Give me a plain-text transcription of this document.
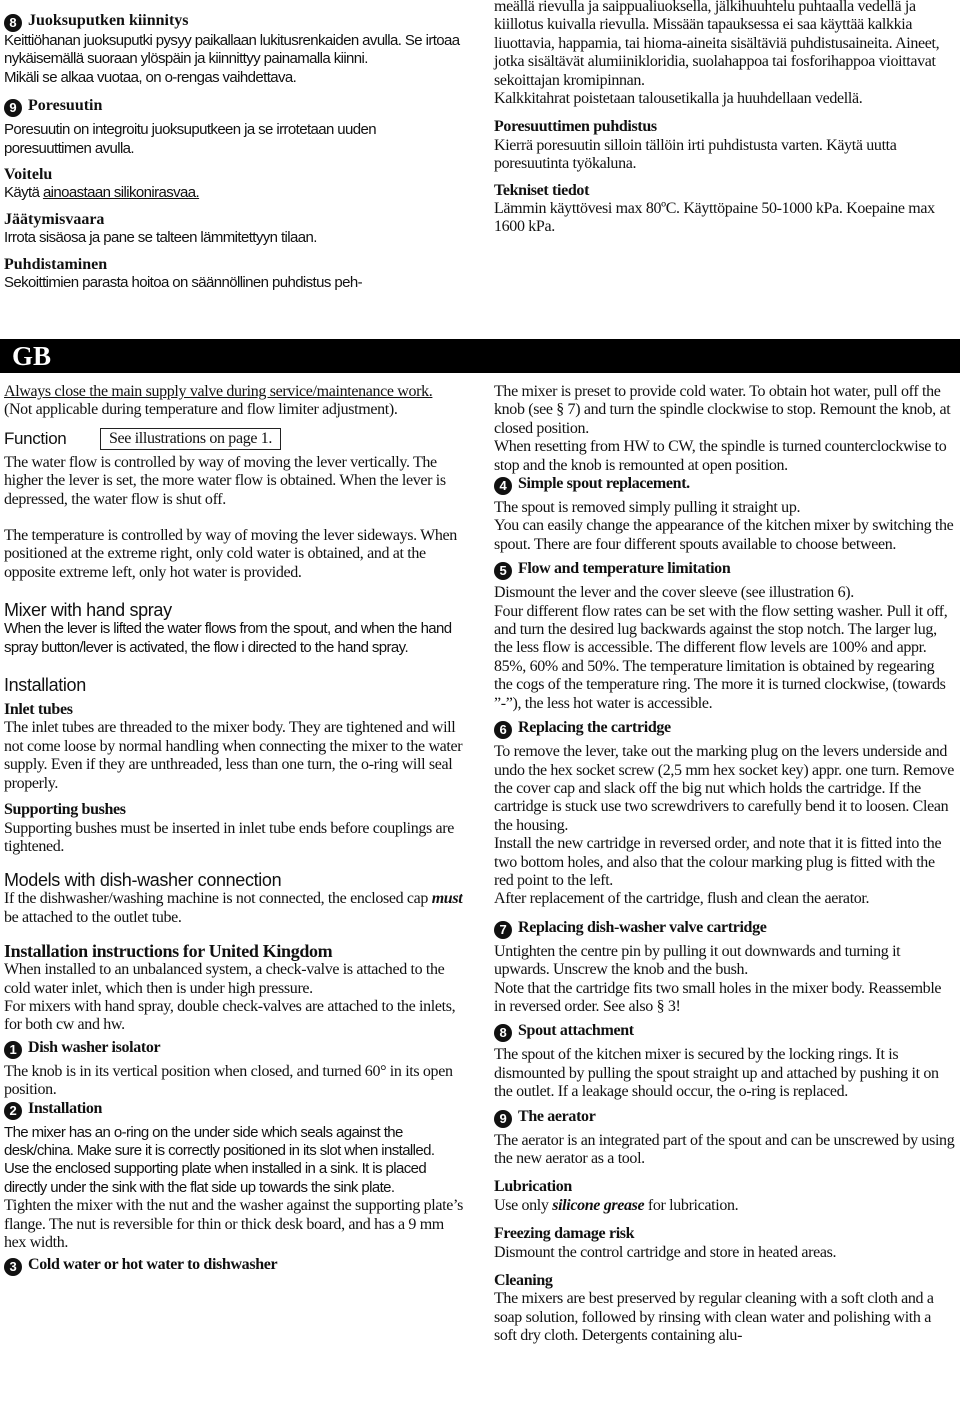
8 Juoksuputken kiinnitys

Keittiöhanan juoksuputki pysyy paikallaan lukitusrenkaiden avulla. Se irtoaa nykäisemällä suoraan ylöspäin ja kiinnittyy painamalla kiinni.

Mikäli se alkaa vuotaa, on o-rengas vaihdettava.

9 Poresuutin

Poresuutin on integroitu juoksuputkeen ja se irrotetaan uuden poresuuttimen avulla.

Voitelu

Käytä ainoastaan silikonirasvaa.

Jäätymisvaara

Irrota sisäosa ja pane se talteen lämmitettyyn tilaan.

Puhdistaminen

Sekoittimien parasta hoitoa on säännöllinen puhdistus peh-

meällä rievulla ja saippualiuoksella, jälkihuuhtelu puhtaalla vedellä ja kiillotus kuivalla rievulla. Missään tapauksessa ei saa käyttää kalkkia liuottavia, happamia, tai hioma-aineita sisältäviä puhdistusaineita. Aineet, jotka sisältävät alumiinikloridia, suolahappoa tai fosforihappoa vioittavat sekoittajan kromipinnan.

Kalkkitahrat poistetaan talousetikalla ja huuhdellaan vedellä.

Poresuuttimen puhdistus

Kierrä poresuutin silloin tällöin irti puhdistusta varten. Käytä uutta poresuutinta työkaluna.

Tekniset tiedot

Lämmin käyttövesi max 80ºC. Käyttöpaine 50-1000 kPa. Koepaine max 1600 kPa.

GB

Always close the main supply valve during service/maintenance work.

(Not applicable during temperature and flow limiter adjustment).

Function	See illustrations on page 1.

The water flow is controlled by way of moving the lever vertically. The higher the lever is set, the more water flow is obtained. When the lever is depressed, the water flow is shut off.

The temperature is controlled by way of moving the lever sideways. When positioned at the extreme right, only cold water is obtained, and at the opposite extreme left, only hot water is provided.

Mixer with hand spray

When the lever is lifted the water flows from the spout, and when the hand spray button/lever is activated, the flow i directed to the hand spray.

Installation

Inlet tubes

The inlet tubes are threaded to the mixer body. They are tightened and will not come loose by normal handling when connecting the mixer to the water supply. Even if they are unthreaded, less than one turn, the o-ring will seal properly.

Supporting bushes

Supporting bushes must be inserted in inlet tube ends before couplings are tightened.

Models with dish-washer connection

If the dishwasher/washing machine is not connected, the enclosed cap must be attached to the outlet tube.

Installation instructions for United Kingdom

When installed to an unbalanced system, a check-valve is attached to the cold water inlet, which then is under high pressure.

For mixers with hand spray, double check-valves are attached to the inlets, for both cw and hw.

1 Dish washer isolator

The knob is in its vertical position when closed, and turned 60° in its open position.

2 Installation

The mixer has an o-ring on the under side which seals against the desk/china. Make sure it is correctly positioned in its slot when installed.

Use the enclosed supporting plate when installed in a sink. It is placed directly under the sink with the flat side up towards the sink plate.

Tighten the mixer with the nut and the washer against the supporting plate’s flange. The nut is reversible for thin or thick desk board, and has a 9 mm hex width.

3 Cold water or hot water to dishwasher

The mixer is preset to provide cold water. To obtain hot water, pull off the knob (see § 7) and turn the spindle clockwise to stop. Remount the knob, at closed position.

When resetting from HW to CW, the spindle is turned counterclockwise to stop and the knob is remounted at open position.

4 Simple spout replacement.

The spout is removed simply pulling it straight up.

You can easily change the appearance of the kitchen mixer by switching the spout. There are four different spouts available to choose between.

5 Flow and temperature limitation

Dismount the lever and the cover sleeve (see illustration 6).

Four different flow rates can be set with the flow setting washer. Pull it off, and turn the desired lug backwards against the stop notch. The larger lug, the less flow is accessible. The different flow levels are 100% and appr. 85%, 60% and 50%. The temperature limitation is obtained by regearing the cogs of the temperature ring. The more it is turned clockwise, (towards ”-”), the less hot water is accessible.

6 Replacing the cartridge

To remove the lever, take out the marking plug on the levers underside and undo the hex socket screw (2,5 mm hex socket key) appr. one turn. Remove the cover cap and slack off the big nut which holds the cartridge. If the cartridge is stuck use two screwdrivers to carefully bend it to loosen. Clean the housing.

Install the new cartridge in reversed order, and note that it is fitted into the two bottom holes, and also that the colour marking plug is fitted with the red point to the left.

After replacement of the cartridge, flush and clean the aerator.

7 Replacing dish-washer valve cartridge

Untighten the centre pin by pulling it out downwards and turning it upwards. Unscrew the knob and the bush.

Note that the cartridge fits two small holes in the mixer body. Reassemble in reversed order. See also § 3!

8 Spout attachment

The spout of the kitchen mixer is secured by the locking rings. It is dismounted by pulling the spout straight up and attached by pushing it on the outlet. If a leakage should occur, the o-ring is replaced.

9 The aerator

The aerator is an integrated part of the spout and can be unscrewed by using the new aerator as a tool.

Lubrication

Use only silicone grease for lubrication.

Freezing damage risk

Dismount the control cartridge and store in heated areas.

Cleaning

The mixers are best preserved by regular cleaning with a soft cloth and a soap solution, followed by rinsing with clean water and polishing with a soft dry cloth. Detergents containing alu-
